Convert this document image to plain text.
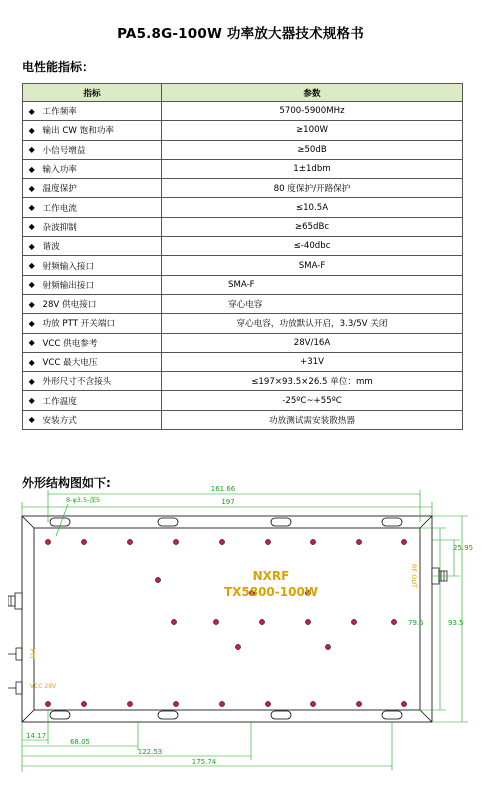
PA5.8G-100W 功率放大器技术规格书
电性能指标：
指标		参数
◆	工作频率	5700-5900MHz
◆	输出 CW 饱和功率	≥100W
◆	小信号增益	≥50dB
◆	输入功率	1±1dbm
◆	温度保护	80 度保护/开路保护
◆	工作电流	≤10.5A
◆	杂波抑制	≥65dBc
◆	谐波	≤-40dbc
◆	射频输入接口	SMA-F
◆	射频输出接口	SMA-F
◆	28V 供电接口	穿心电容
◆	功放 PTT 开关端口	穿心电容，功放默认开启，3.3/5V 关闭
◆	VCC 供电参考	28V/16A
◆	VCC 最大电压	+31V
◆	外形尺寸不含接头	≤197×93.5×26.5 单位：mm
◆	工作温度	-25ºC~+55ºC
◆	安装方式	功放测试需安装散热器
外形结构图如下:
NXRF
TX5800-100W
RF OUT
PTT
VCC 28V
161.66
197
8-φ3.5-深5
25.95
79.5	93.5
14.17
68.05
122.53
175.74
